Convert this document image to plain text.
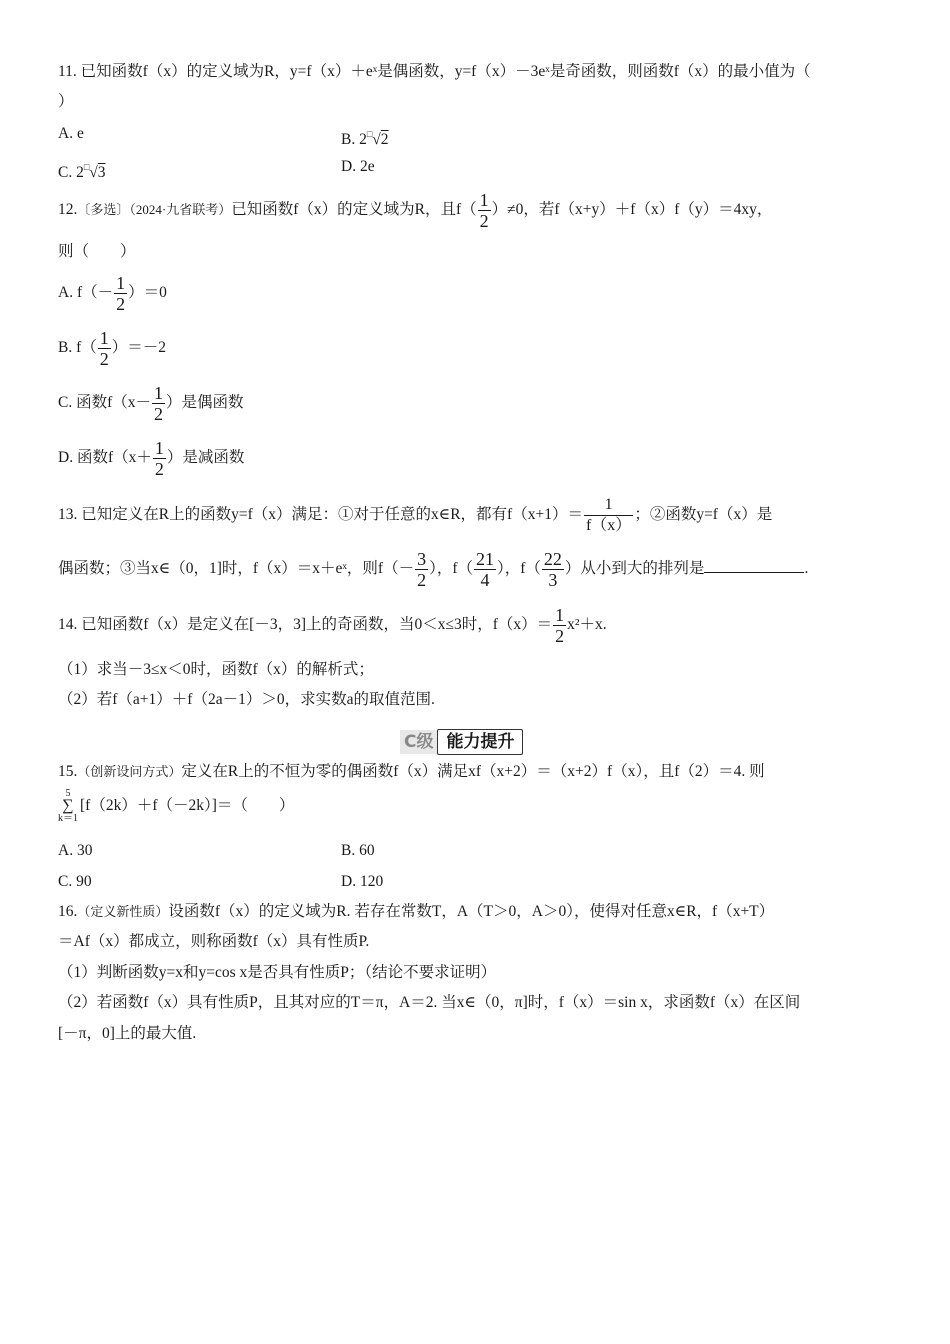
11. 已知函数f（x）的定义域为R，y=f（x）＋eˣ是偶函数，y=f（x）－3eˣ是奇函数，则函数f（x）的最小值为（
）
A. e	B. 2□√2
C. 2□√3	D. 2e
12.〔多选〕（2024·九省联考）已知函数f（x）的定义域为R，且$f( \frac{1}{2} )\ne 0$，若f（x+y）＋f（x）f（y）＝4xy，
则（　　）
A. $f(- \frac{1}{2} )=0$
B. $f( \frac{1}{2} )=-2$
C. 函数$f(x- \frac{1}{2}$ ）是偶函数
D. 函数$f(x+ \frac{1}{2}$ ）是减函数
13. 已知定义在R上的函数y=f（x）满足：①对于任意的x∈R，都有$f(x+1)= \frac{1}{f(x)}$ ；②函数y=f（x）是
偶函数；③当x∈（0，1]时，f（x）＝x＋eˣ，则$f(- \frac{3}{2}$ ），$f( \frac{21}{4}$ ），$f( \frac{22}{3}$ ）从小到大的排列是	.
14. 已知函数f（x）是定义在[－3，3]上的奇函数，当0＜x≤3时，$f(x)= \frac{1}{2} x^2+x$.
（1）求当－3≤x＜0时，函数f（x）的解析式；
（2）若f（a+1）＋f（2a－1）＞0，求实数a的取值范围.
C级 能力提升
15.（创新设问方式）定义在R上的不恒为零的偶函数f（x）满足xf（x+2）＝（x+2）f（x），且f（2）＝4. 则
5
∑
k＝1
[f（2k）＋f（－2k）]＝（　　）
A. 30	B. 60
C. 90	D. 120
16.（定义新性质）设函数f（x）的定义域为R. 若存在常数T，A（T＞0，A＞0），使得对任意x∈R，f（x+T）
＝Af（x）都成立，则称函数f（x）具有性质P.
（1）判断函数y=x和y=cos x是否具有性质P；（结论不要求证明）
（2）若函数f（x）具有性质P，且其对应的T＝π，A＝2. 当x∈（0，π]时，f（x）＝sin x，求函数f（x）在区间
[－π，0]上的最大值.
